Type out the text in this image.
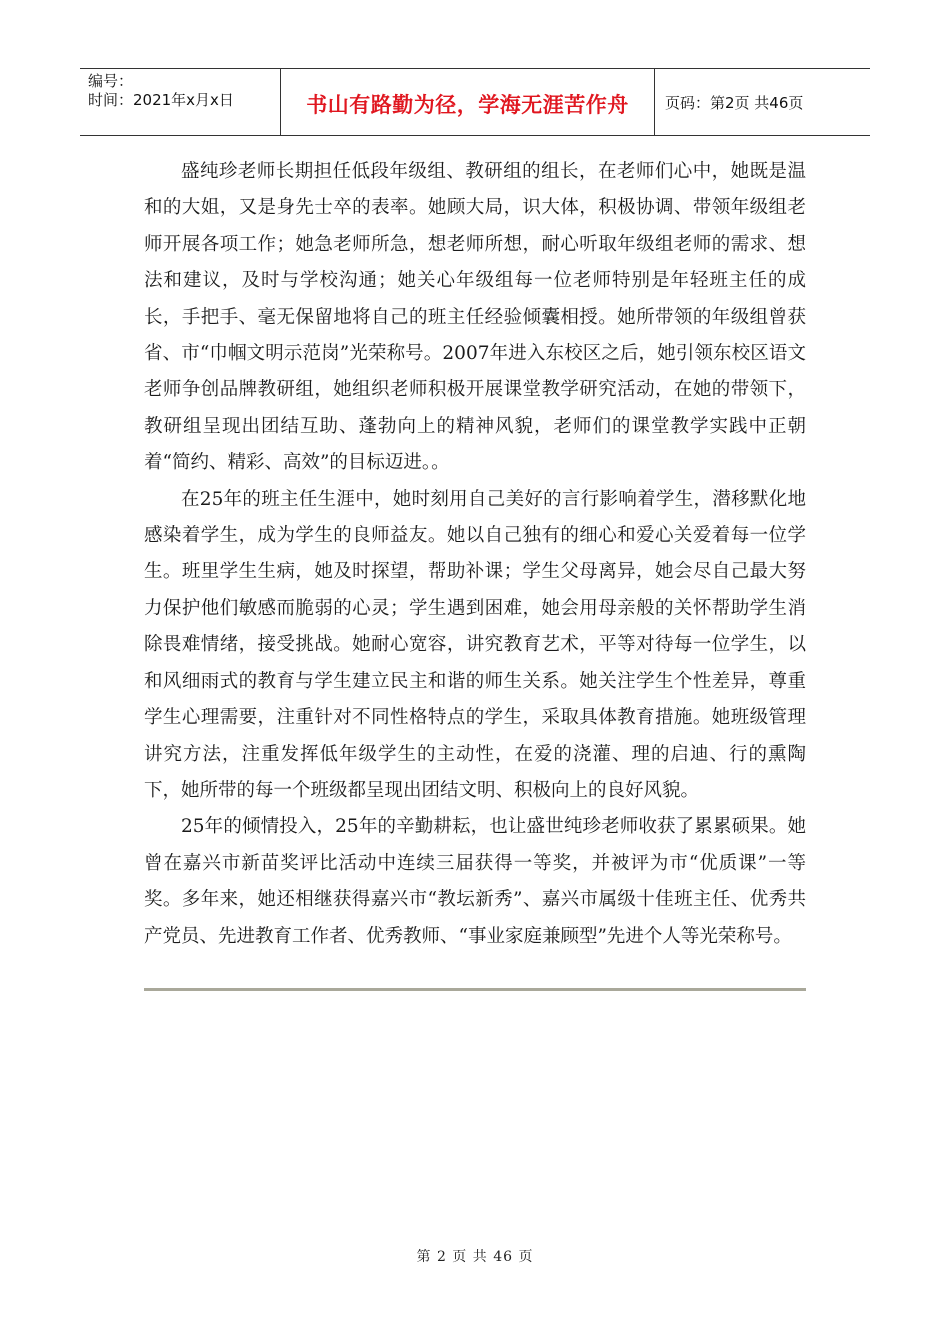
编号：
时间：2021年x月x日	书山有路勤为径，学海无涯苦作舟	页码：第2页 共46页

盛纯珍老师长期担任低段年级组、教研组的组长，在老师们心中，她既是温和的大姐，又是身先士卒的表率。她顾大局，识大体，积极协调、带领年级组老师开展各项工作；她急老师所急，想老师所想，耐心听取年级组老师的需求、想法和建议，及时与学校沟通；她关心年级组每一位老师特别是年轻班主任的成长，手把手、毫无保留地将自己的班主任经验倾囊相授。她所带领的年级组曾获省、市“巾帼文明示范岗”光荣称号。2007年进入东校区之后，她引领东校区语文老师争创品牌教研组，她组织老师积极开展课堂教学研究活动，在她的带领下，教研组呈现出团结互助、蓬勃向上的精神风貌，老师们的课堂教学实践中正朝着“简约、精彩、高效”的目标迈进。。

在25年的班主任生涯中，她时刻用自己美好的言行影响着学生，潜移默化地感染着学生，成为学生的良师益友。她以自己独有的细心和爱心关爱着每一位学生。班里学生生病，她及时探望，帮助补课；学生父母离异，她会尽自己最大努力保护他们敏感而脆弱的心灵；学生遇到困难，她会用母亲般的关怀帮助学生消除畏难情绪，接受挑战。她耐心宽容，讲究教育艺术，平等对待每一位学生，以和风细雨式的教育与学生建立民主和谐的师生关系。她关注学生个性差异，尊重学生心理需要，注重针对不同性格特点的学生，采取具体教育措施。她班级管理讲究方法，注重发挥低年级学生的主动性，在爱的浇灌、理的启迪、行的熏陶下，她所带的每一个班级都呈现出团结文明、积极向上的良好风貌。

25年的倾情投入，25年的辛勤耕耘，也让盛世纯珍老师收获了累累硕果。她曾在嘉兴市新苗奖评比活动中连续三届获得一等奖，并被评为市“优质课”一等奖。多年来，她还相继获得嘉兴市“教坛新秀”、嘉兴市属级十佳班主任、优秀共产党员、先进教育工作者、优秀教师、“事业家庭兼顾型”先进个人等光荣称号。

第 2 页 共 46 页
